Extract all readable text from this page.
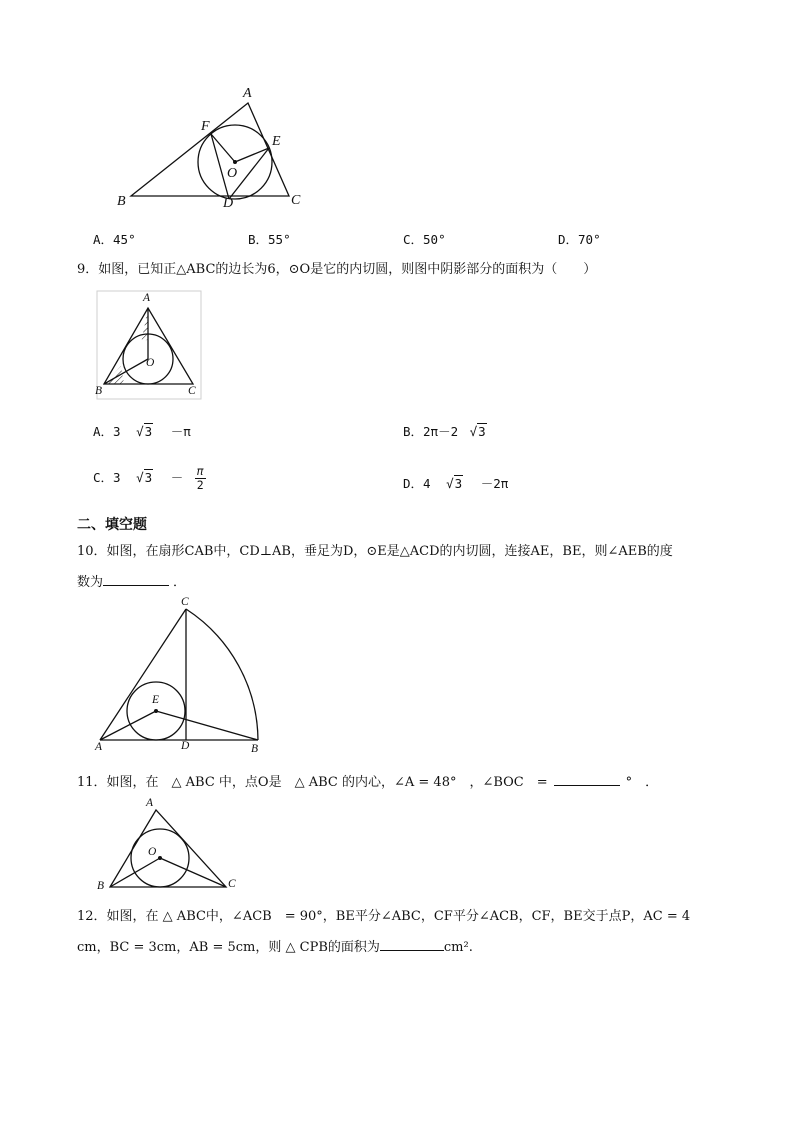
A
F
E
O
B	D	C
A．45°	B．55°	C．50°	D．70°
9．如图，已知正△ABC的边长为6，⊙O是它的内切圆，则图中阴影部分的面积为（　　）
A
O
B	C
A．3 √3 －π	B．2π－2 √3
C．3 $√3 - \frac{\pi}{2}$	D．4 √3 －2π
二、填空题
10．如图，在扇形CAB中，CD⊥AB，垂足为D，⊙E是△ACD的内切圆，连接AE，BE，则∠AEB的度
数为	．
C
E
A	D	B
11．如图，在　△ ABC 中，点O是　△ ABC 的内心，∠A = 48°　，∠BOC　=	°　．
A
O
B	C
12．如图，在 △ ABC中，∠ACB　= 90°，BE平分∠ABC，CF平分∠ACB，CF，BE交于点P，AC = 4
cm，BC = 3cm，AB = 5cm，则 △ CPB的面积为	cm².
